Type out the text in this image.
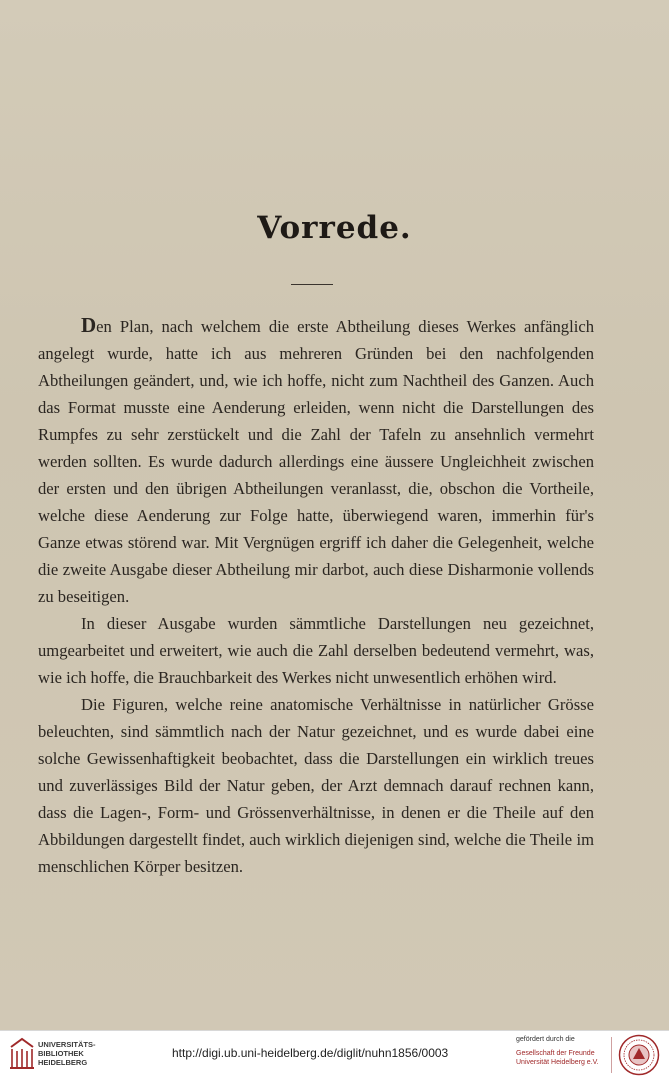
Vorrede.

Den Plan, nach welchem die erste Abtheilung dieses Werkes anfänglich angelegt wurde, hatte ich aus mehreren Gründen bei den nachfolgenden Abtheilungen geändert, und, wie ich hoffe, nicht zum Nachtheil des Ganzen. Auch das Format musste eine Aenderung erleiden, wenn nicht die Darstellungen des Rumpfes zu sehr zerstückelt und die Zahl der Tafeln zu ansehnlich vermehrt werden sollten. Es wurde dadurch allerdings eine äussere Ungleichheit zwischen der ersten und den übrigen Abtheilungen veranlasst, die, obschon die Vortheile, welche diese Aenderung zur Folge hatte, überwiegend waren, immerhin für's Ganze etwas störend war. Mit Vergnügen ergriff ich daher die Gelegenheit, welche die zweite Ausgabe dieser Abtheilung mir darbot, auch diese Disharmonie vollends zu beseitigen.

In dieser Ausgabe wurden sämmtliche Darstellungen neu gezeichnet, umgearbeitet und erweitert, wie auch die Zahl derselben bedeutend vermehrt, was, wie ich hoffe, die Brauchbarkeit des Werkes nicht unwesentlich erhöhen wird.

Die Figuren, welche reine anatomische Verhältnisse in natürlicher Grösse beleuchten, sind sämmtlich nach der Natur gezeichnet, und es wurde dabei eine solche Gewissenhaftigkeit beobachtet, dass die Darstellungen ein wirklich treues und zuverlässiges Bild der Natur geben, der Arzt demnach darauf rechnen kann, dass die Lagen-, Form- und Grössenverhältnisse, in denen er die Theile auf den Abbildungen dargestellt findet, auch wirklich diejenigen sind, welche die Theile im menschlichen Körper besitzen.

UNIVERSITÄTS-
BIBLIOTHEK
HEIDELBERG
http://digi.ub.uni-heidelberg.de/diglit/nuhn1856/0003
gefördert durch die
Gesellschaft der Freunde
Universität Heidelberg e.V.
